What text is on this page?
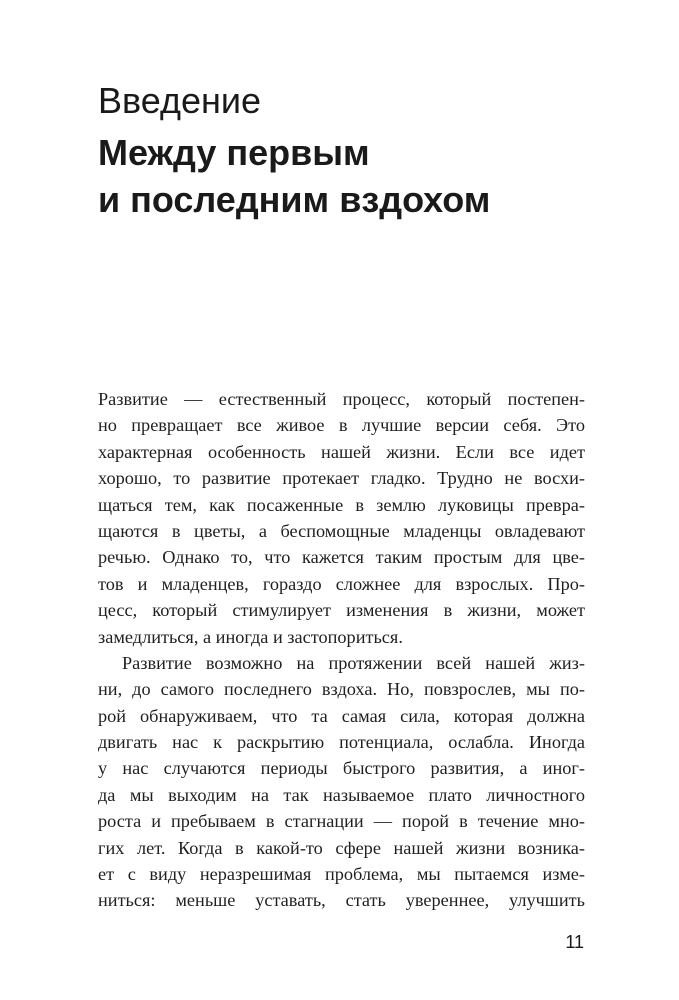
Введение
Между первым
и последним вздохом
Развитие — естественный процесс, который постепен-
но превращает все живое в лучшие версии себя. Это
характерная особенность нашей жизни. Если все идет
хорошо, то развитие протекает гладко. Трудно не восхи-
щаться тем, как посаженные в землю луковицы превра-
щаются в цветы, а беспомощные младенцы овладевают
речью. Однако то, что кажется таким простым для цве-
тов и младенцев, гораздо сложнее для взрослых. Про-
цесс, который стимулирует изменения в жизни, может
замедлиться, а иногда и застопориться.
Развитие возможно на протяжении всей нашей жиз-
ни, до самого последнего вздоха. Но, повзрослев, мы по-
рой обнаруживаем, что та самая сила, которая должна
двигать нас к раскрытию потенциала, ослабла. Иногда
у нас случаются периоды быстрого развития, а иног-
да мы выходим на так называемое плато личностного
роста и пребываем в стагнации — порой в течение мно-
гих лет. Когда в какой-то сфере нашей жизни возника-
ет с виду неразрешимая проблема, мы пытаемся изме-
ниться: меньше уставать, стать увереннее, улучшить
11
